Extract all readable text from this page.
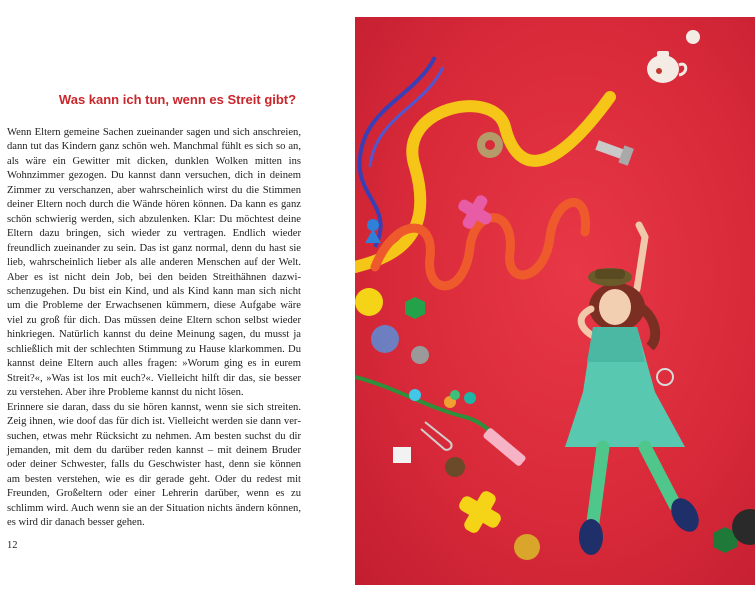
Was kann ich tun, wenn es Streit gibt?

Wenn Eltern gemeine Sachen zueinander sagen und sich anschreien, dann tut das Kindern ganz schön weh. Manchmal fühlt es sich so an, als wäre ein Gewitter mit dicken, dunklen Wolken mitten ins Wohnzimmer gezogen. Du kannst dann versuchen, dich in deinem Zimmer zu verschanzen, aber wahrscheinlich wirst du die Stimmen deiner Eltern noch durch die Wände hören können. Da kann es ganz schön schwierig werden, sich abzulenken. Klar: Du möchtest deine Eltern dazu bringen, sich wieder zu vertragen. Endlich wieder freundlich zueinander zu sein. Das ist ganz normal, denn du hast sie lieb, wahrscheinlich lieber als alle anderen Menschen auf der Welt. Aber es ist nicht dein Job, bei den beiden Streithähnen dazwischenzugehen. Du bist ein Kind, und als Kind kann man sich nicht um die Probleme der Erwachsenen kümmern, diese Aufgabe wäre viel zu groß für dich. Das müssen deine Eltern schon selbst wieder hinkriegen. Natürlich kannst du deine Meinung sagen, du musst ja schließlich mit der schlechten Stimmung zu Hause klarkommen. Du kannst deine Eltern auch alles fragen: »Worum ging es in eurem Streit?«, »Was ist los mit euch?«. Vielleicht hilft dir das, sie besser zu verstehen. Aber ihre Probleme kannst du nicht lösen.

Erinnere sie daran, dass du sie hören kannst, wenn sie sich streiten. Zeig ihnen, wie doof das für dich ist. Vielleicht werden sie dann versuchen, etwas mehr Rücksicht zu nehmen. Am besten suchst du dir jemanden, mit dem du darüber reden kannst – mit deinem Bruder oder deiner Schwester, falls du Geschwister hast, denn sie können am besten verstehen, wie es dir gerade geht. Oder du redest mit Freunden, Großeltern oder einer Lehrerin darüber, wenn es zu schlimm wird. Auch wenn sie an der Situation nichts ändern können, es wird dir danach besser gehen.

12
